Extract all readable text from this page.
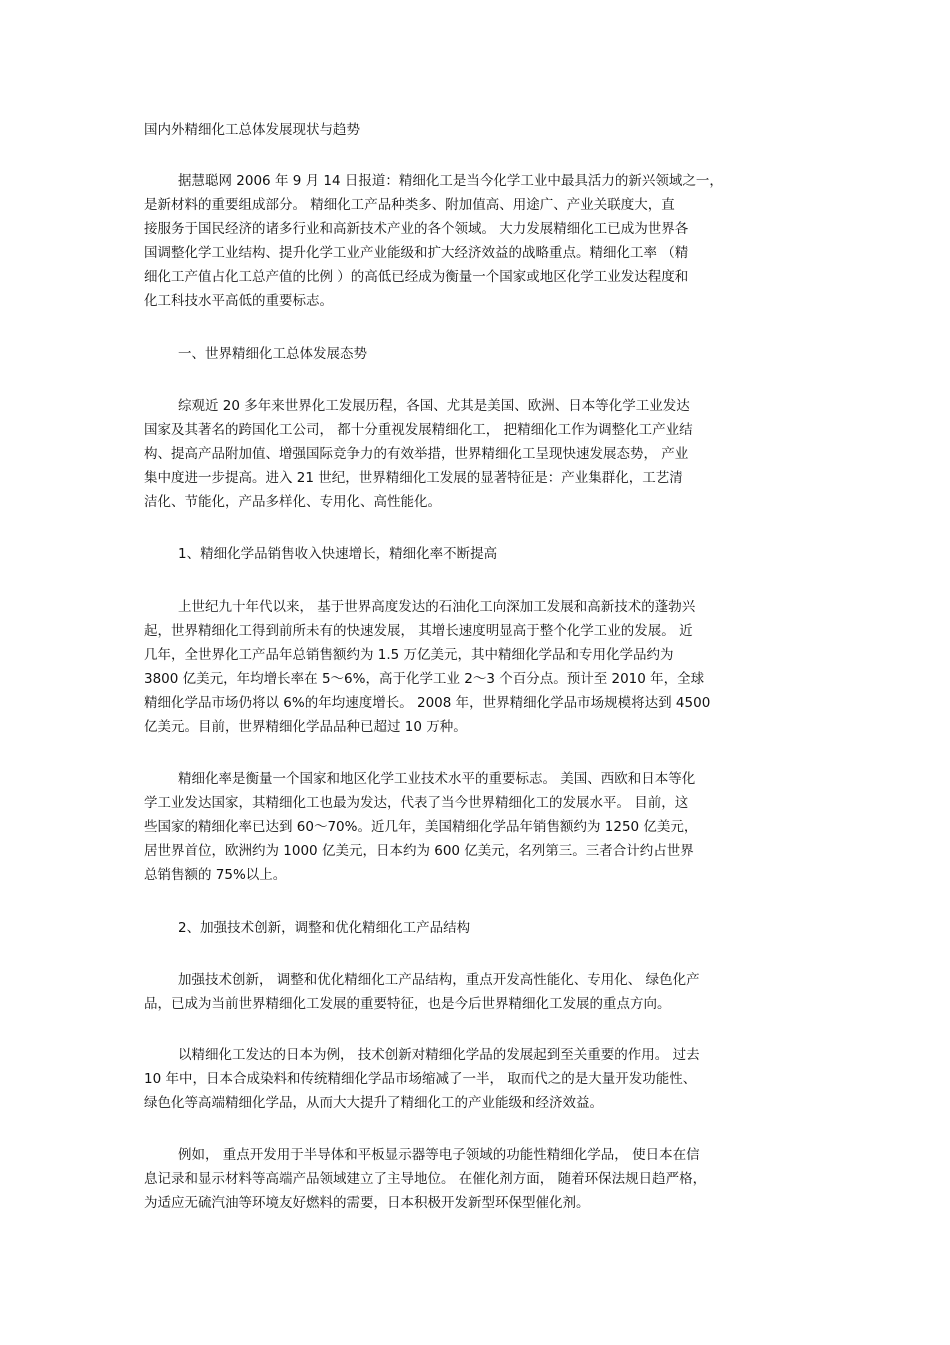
国内外精细化工总体发展现状与趋势
据慧聪网 2006 年 9 月 14 日报道：精细化工是当今化学工业中最具活力的新兴领域之一，
是新材料的重要组成部分。 精细化工产品种类多、附加值高、用途广、产业关联度大，直
接服务于国民经济的诸多行业和高新技术产业的各个领域。 大力发展精细化工已成为世界各
国调整化学工业结构、提升化学工业产业能级和扩大经济效益的战略重点。精细化工率 （精
细化工产值占化工总产值的比例 ）的高低已经成为衡量一个国家或地区化学工业发达程度和
化工科技水平高低的重要标志。
一、世界精细化工总体发展态势
综观近 20 多年来世界化工发展历程，各国、尤其是美国、欧洲、日本等化学工业发达
国家及其著名的跨国化工公司， 都十分重视发展精细化工， 把精细化工作为调整化工产业结
构、提高产品附加值、增强国际竞争力的有效举措，世界精细化工呈现快速发展态势， 产业
集中度进一步提高。进入 21 世纪，世界精细化工发展的显著特征是：产业集群化，工艺清
洁化、节能化，产品多样化、专用化、高性能化。
1、精细化学品销售收入快速增长，精细化率不断提高
上世纪九十年代以来， 基于世界高度发达的石油化工向深加工发展和高新技术的蓬勃兴
起，世界精细化工得到前所未有的快速发展， 其增长速度明显高于整个化学工业的发展。 近
几年，全世界化工产品年总销售额约为 1.5 万亿美元，其中精细化学品和专用化学品约为
3800 亿美元，年均增长率在 5～6%，高于化学工业 2～3 个百分点。预计至 2010 年，全球
精细化学品市场仍将以 6%的年均速度增长。 2008 年，世界精细化学品市场规模将达到 4500
亿美元。目前，世界精细化学品品种已超过 10 万种。
精细化率是衡量一个国家和地区化学工业技术水平的重要标志。 美国、西欧和日本等化
学工业发达国家，其精细化工也最为发达，代表了当今世界精细化工的发展水平。 目前，这
些国家的精细化率已达到 60～70%。近几年，美国精细化学品年销售额约为 1250 亿美元，
居世界首位，欧洲约为 1000 亿美元，日本约为 600 亿美元，名列第三。三者合计约占世界
总销售额的 75%以上。
2、加强技术创新，调整和优化精细化工产品结构
加强技术创新， 调整和优化精细化工产品结构，重点开发高性能化、专用化、 绿色化产
品，已成为当前世界精细化工发展的重要特征，也是今后世界精细化工发展的重点方向。
以精细化工发达的日本为例， 技术创新对精细化学品的发展起到至关重要的作用。 过去
10 年中，日本合成染料和传统精细化学品市场缩减了一半， 取而代之的是大量开发功能性、
绿色化等高端精细化学品，从而大大提升了精细化工的产业能级和经济效益。
例如， 重点开发用于半导体和平板显示器等电子领域的功能性精细化学品， 使日本在信
息记录和显示材料等高端产品领域建立了主导地位。 在催化剂方面， 随着环保法规日趋严格，
为适应无硫汽油等环境友好燃料的需要，日本积极开发新型环保型催化剂。
